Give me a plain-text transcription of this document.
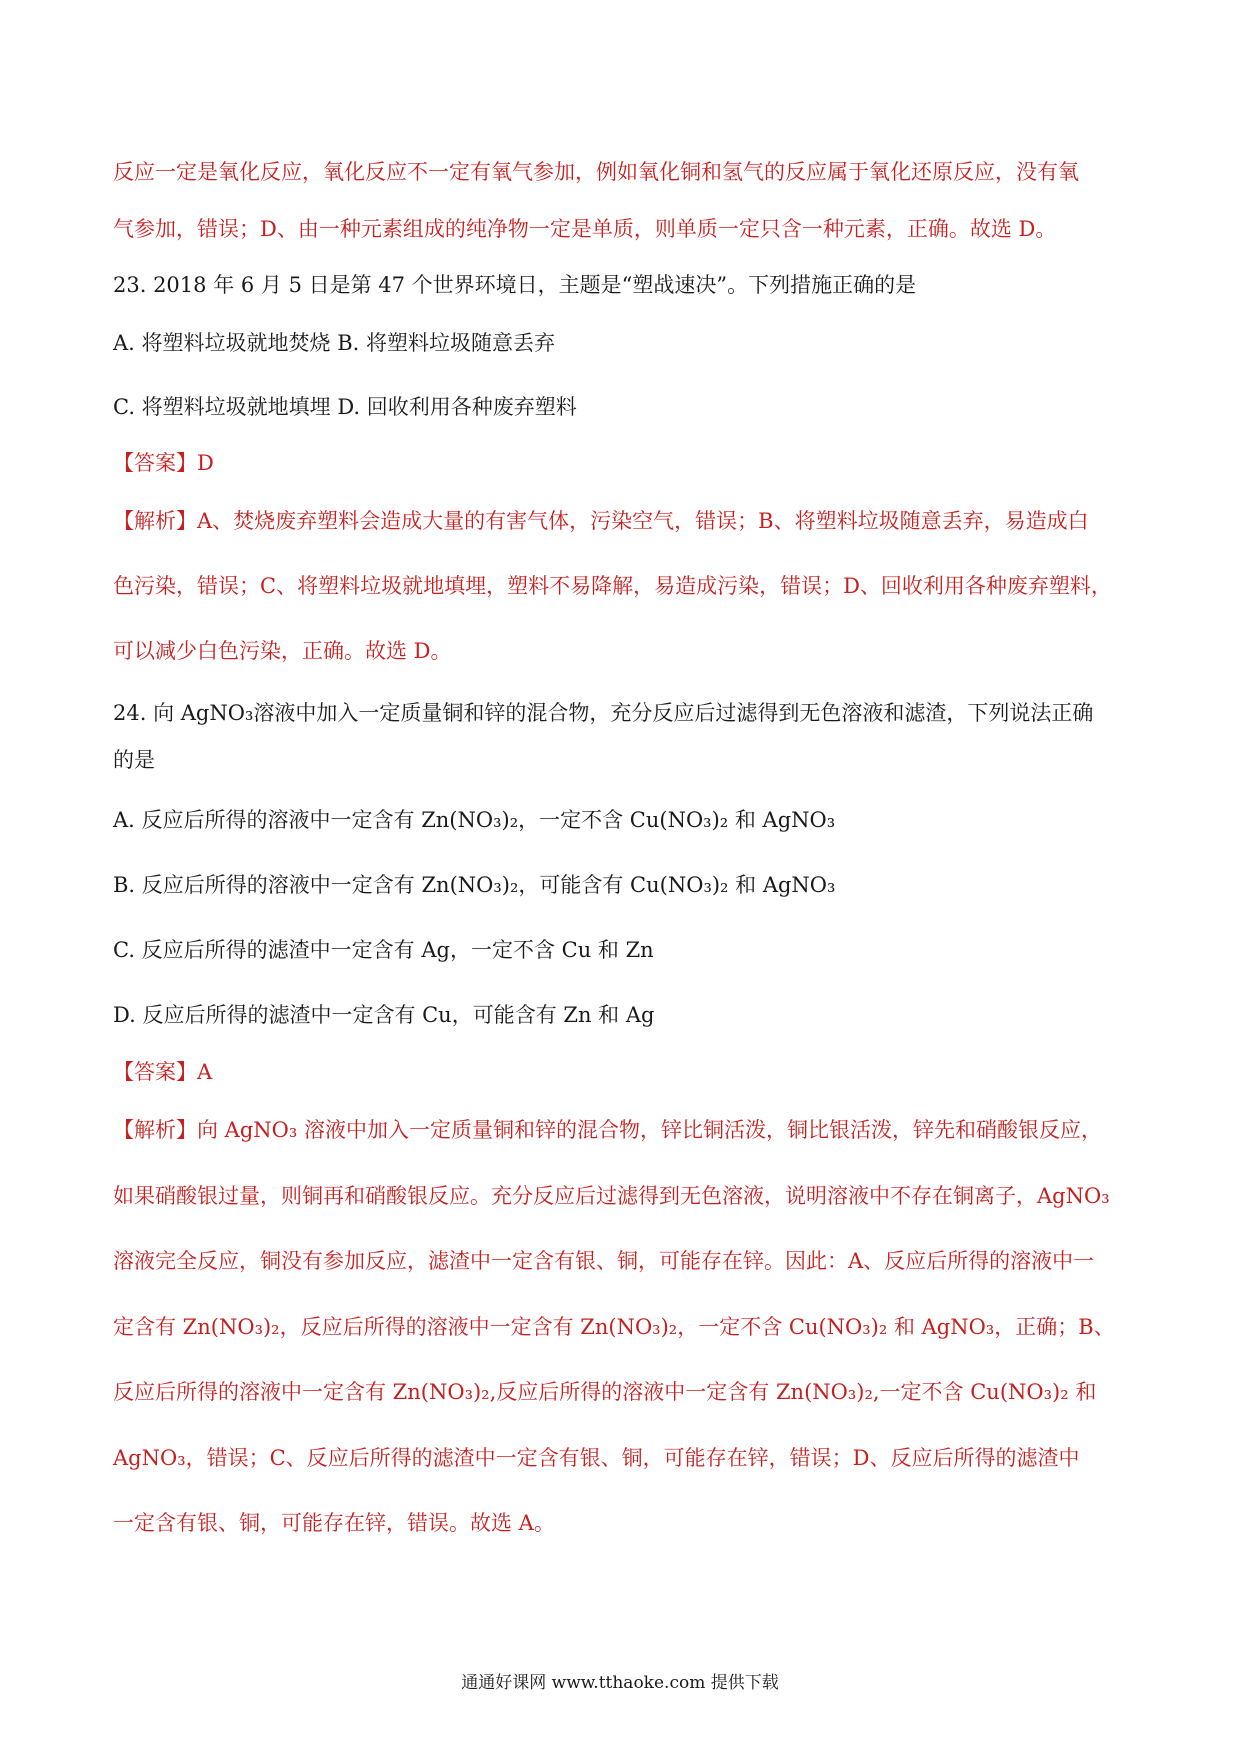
反应一定是氧化反应，氧化反应不一定有氧气参加，例如氧化铜和氢气的反应属于氧化还原反应，没有氧
气参加，错误；D、由一种元素组成的纯净物一定是单质，则单质一定只含一种元素，正确。故选 D。
23. 2018 年 6 月 5 日是第 47 个世界环境日，主题是“塑战速决”。下列措施正确的是
A. 将塑料垃圾就地焚烧 B. 将塑料垃圾随意丢弃
C. 将塑料垃圾就地填埋 D. 回收利用各种废弃塑料
【答案】D
【解析】A、焚烧废弃塑料会造成大量的有害气体，污染空气，错误；B、将塑料垃圾随意丢弃，易造成白
色污染，错误；C、将塑料垃圾就地填埋，塑料不易降解，易造成污染，错误；D、回收利用各种废弃塑料，
可以减少白色污染，正确。故选 D。
24. 向 AgNO₃溶液中加入一定质量铜和锌的混合物，充分反应后过滤得到无色溶液和滤渣，下列说法正确
的是
A. 反应后所得的溶液中一定含有 Zn(NO₃)₂，一定不含 Cu(NO₃)₂ 和 AgNO₃
B. 反应后所得的溶液中一定含有 Zn(NO₃)₂，可能含有 Cu(NO₃)₂ 和 AgNO₃
C. 反应后所得的滤渣中一定含有 Ag，一定不含 Cu 和 Zn
D. 反应后所得的滤渣中一定含有 Cu，可能含有 Zn 和 Ag
【答案】A
【解析】向 AgNO₃ 溶液中加入一定质量铜和锌的混合物，锌比铜活泼，铜比银活泼，锌先和硝酸银反应，
如果硝酸银过量，则铜再和硝酸银反应。充分反应后过滤得到无色溶液，说明溶液中不存在铜离子，AgNO₃
溶液完全反应，铜没有参加反应，滤渣中一定含有银、铜，可能存在锌。因此：A、反应后所得的溶液中一
定含有 Zn(NO₃)₂，反应后所得的溶液中一定含有 Zn(NO₃)₂，一定不含 Cu(NO₃)₂ 和 AgNO₃，正确；B、
反应后所得的溶液中一定含有 Zn(NO₃)₂,反应后所得的溶液中一定含有 Zn(NO₃)₂,一定不含 Cu(NO₃)₂ 和
AgNO₃，错误；C、反应后所得的滤渣中一定含有银、铜，可能存在锌，错误；D、反应后所得的滤渣中
一定含有银、铜，可能存在锌，错误。故选 A。
通通好课网 www.tthaoke.com 提供下载
